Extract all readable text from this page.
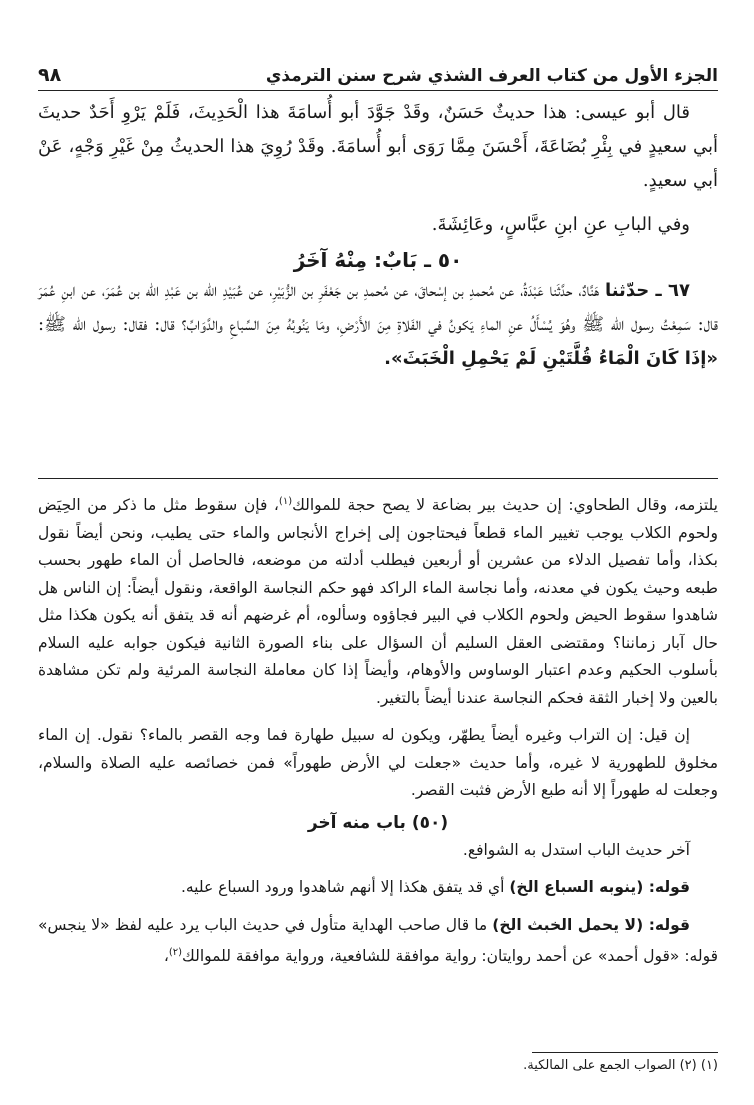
الجزء الأول من كتاب العرف الشذي شرح سنن الترمذي
٩٨

قال أبو عيسى: هذا حديثٌ حَسَنٌ، وقَدْ جَوَّدَ أبو أُسامَةَ هذا الْحَدِيثَ، فَلَمْ يَرْوِ أَحَدٌ حديثَ أبي سعيدٍ في بِئْرِ بُضَاعَةَ، أَحْسَنَ مِمَّا رَوَى أبو أُسامَةَ. وقَدْ رُوِيَ هذا الحديثُ مِنْ غَيْرِ وَجْهٍ، عَنْ أبي سعيدٍ.

وفي البابِ عنِ ابنِ عبَّاسٍ، وعَائِشَةَ.

٥٠ ـ بَابٌ: مِنْهُ آخَرُ

٦٧ ـ حدّثنا هَنَّادٌ، حدَّثَنا عَبْدَةُ، عن مُحمدِ بن إسْحاقَ، عن مُحمدِ بن جَعْفَرِ بن الزُّبَيْرِ، عن عُبَيْدِ الله بن عَبْدِ الله بن عُمَرَ، عن ابنِ عُمَرَ قال: سَمِعْتُ رسول الله ﷺ وهُوَ يُسْأَلُ عنِ الماءِ يَكونُ في الفَلاةِ مِنَ الأَرْضِ، ومَا يَنُوبُهُ مِنَ السِّباعِ والدَّوَابِّ؟ قال: فقال: رسول الله ﷺ: «إذَا كَانَ الْمَاءُ قُلَّتَيْنِ لَمْ يَحْمِلِ الْخَبَثَ».

يلتزمه، وقال الطحاوي: إن حديث بير بضاعة لا يصح حجة للموالك$^{(١)}$، فإن سقوط مثل ما ذكر من الحِيَض ولحوم الكلاب يوجب تغيير الماء قطعاً فيحتاجون إلى إخراج الأنجاس والماء حتى يطيب، ونحن أيضاً نقول بكذا، وأما تفصيل الدلاء من عشرين أو أربعين فيطلب أدلته من موضعه، فالحاصل أن الماء طهور بحسب طبعه وحيث يكون في معدنه، وأما نجاسة الماء الراكد فهو حكم النجاسة الواقعة، ونقول أيضاً: إن الناس هل شاهدوا سقوط الحيض ولحوم الكلاب في البير فجاؤوه وسألوه، أم غرضهم أنه قد يتفق أنه يكون هكذا مثل حال آبار زماننا؟ ومقتضى العقل السليم أن السؤال على بناء الصورة الثانية فيكون جوابه عليه السلام بأسلوب الحكيم وعدم اعتبار الوساوس والأوهام، وأيضاً إذا كان معاملة النجاسة المرئية ولم تكن مشاهدة بالعين ولا إخبار الثقة فحكم النجاسة عندنا أيضاً بالتغير.

إن قيل: إن التراب وغيره أيضاً يطهّر، ويكون له سبيل طهارة فما وجه القصر بالماء؟ نقول. إن الماء مخلوق للطهورية لا غيره، وأما حديث «جعلت لي الأرض طهوراً» فمن خصائصه عليه الصلاة والسلام، وجعلت له طهوراً إلا أنه طبع الأرض فثبت القصر.

(٥٠) باب منه آخر

آخر حديث الباب استدل به الشوافع.

قوله: (ينوبه السباع الخ) أي قد يتفق هكذا إلا أنهم شاهدوا ورود السباع عليه.

قوله: (لا يحمل الخبث الخ) ما قال صاحب الهداية متأول في حديث الباب يرد عليه لفظ «لا ينجس» قوله: «قول أحمد» عن أحمد روايتان: رواية موافقة للشافعية، ورواية موافقة للموالك$^{(٢)}$،

(١) (٢) الصواب الجمع على المالكية.
